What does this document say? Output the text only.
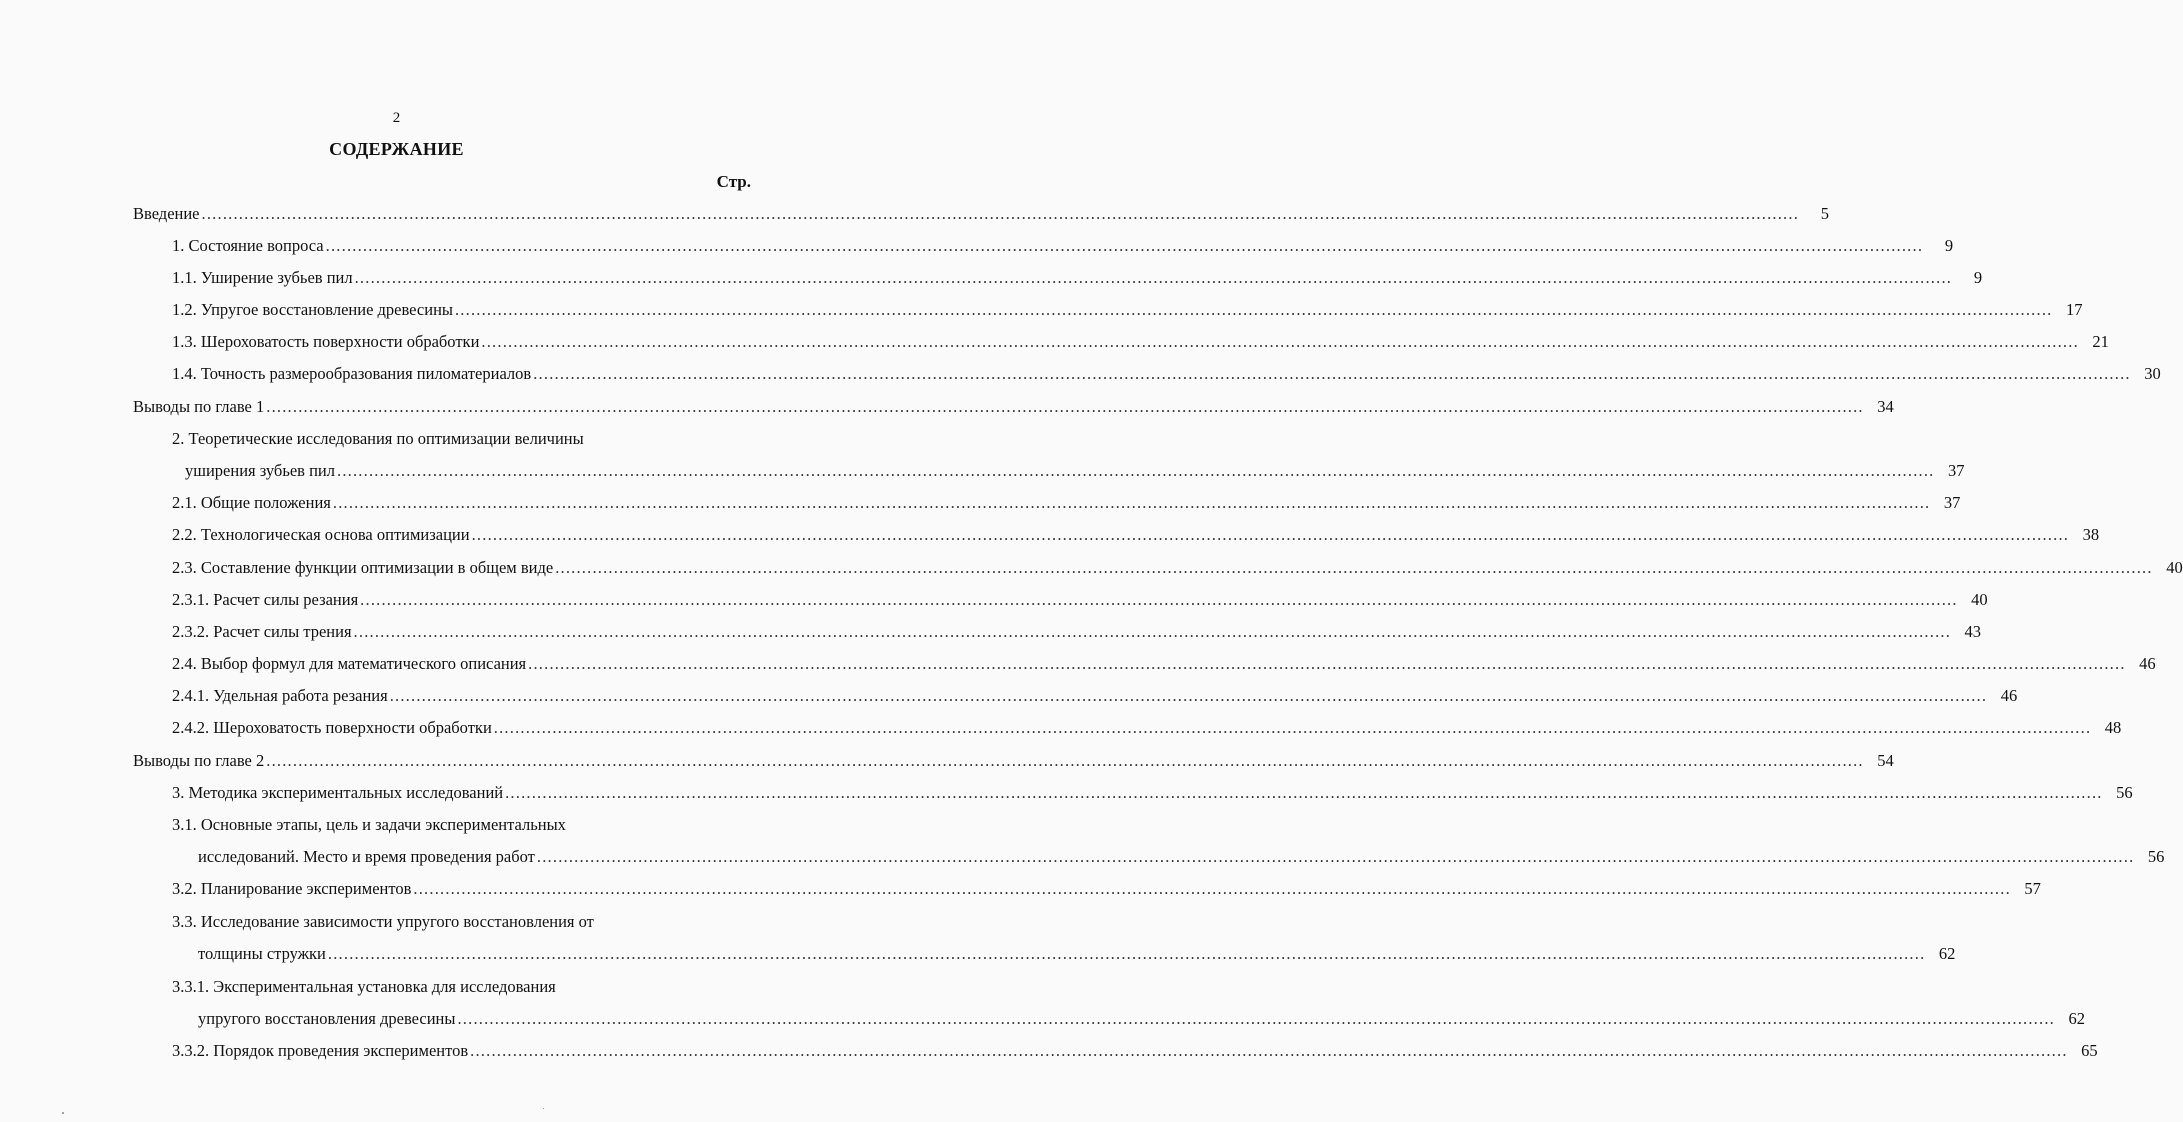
2
СОДЕРЖАНИЕ
Стр.
Введение ............................................................................................................................................................................................................................................................................................................	5
1. Состояние вопроса ............................................................................................................................................................................................................................................................................................................	9
1.1. Уширение зубьев пил ............................................................................................................................................................................................................................................................................................................	9
1.2. Упругое восстановление древесины ............................................................................................................................................................................................................................................................................................................ 17
1.3. Шероховатость поверхности обработки ............................................................................................................................................................................................................................................................................................................ 21
1.4. Точность размерообразования пиломатериалов ............................................................................................................................................................................................................................................................................................................ 30
Выводы по главе 1 ............................................................................................................................................................................................................................................................................................................ 34
2. Теоретические исследования по оптимизации величины
уширения зубьев пил ............................................................................................................................................................................................................................................................................................................ 37
2.1. Общие положения ............................................................................................................................................................................................................................................................................................................ 37
2.2. Технологическая основа оптимизации ............................................................................................................................................................................................................................................................................................................ 38
2.3. Составление функции оптимизации в общем виде ............................................................................................................................................................................................................................................................................................................ 40
2.3.1. Расчет силы резания ............................................................................................................................................................................................................................................................................................................ 40
2.3.2. Расчет силы трения ............................................................................................................................................................................................................................................................................................................ 43
2.4. Выбор формул для математического описания ............................................................................................................................................................................................................................................................................................................ 46
2.4.1. Удельная работа резания ............................................................................................................................................................................................................................................................................................................ 46
2.4.2. Шероховатость поверхности обработки ............................................................................................................................................................................................................................................................................................................ 48
Выводы по главе 2 ............................................................................................................................................................................................................................................................................................................ 54
3. Методика экспериментальных исследований ............................................................................................................................................................................................................................................................................................................ 56
3.1. Основные этапы, цель и задачи экспериментальных
исследований. Место и время проведения работ ............................................................................................................................................................................................................................................................................................................ 56
3.2. Планирование экспериментов ............................................................................................................................................................................................................................................................................................................ 57
3.3. Исследование зависимости упругого восстановления от
толщины стружки ............................................................................................................................................................................................................................................................................................................ 62
3.3.1. Экспериментальная установка для исследования
упругого восстановления древесины ............................................................................................................................................................................................................................................................................................................ 62
3.3.2. Порядок проведения экспериментов ............................................................................................................................................................................................................................................................................................................ 65
